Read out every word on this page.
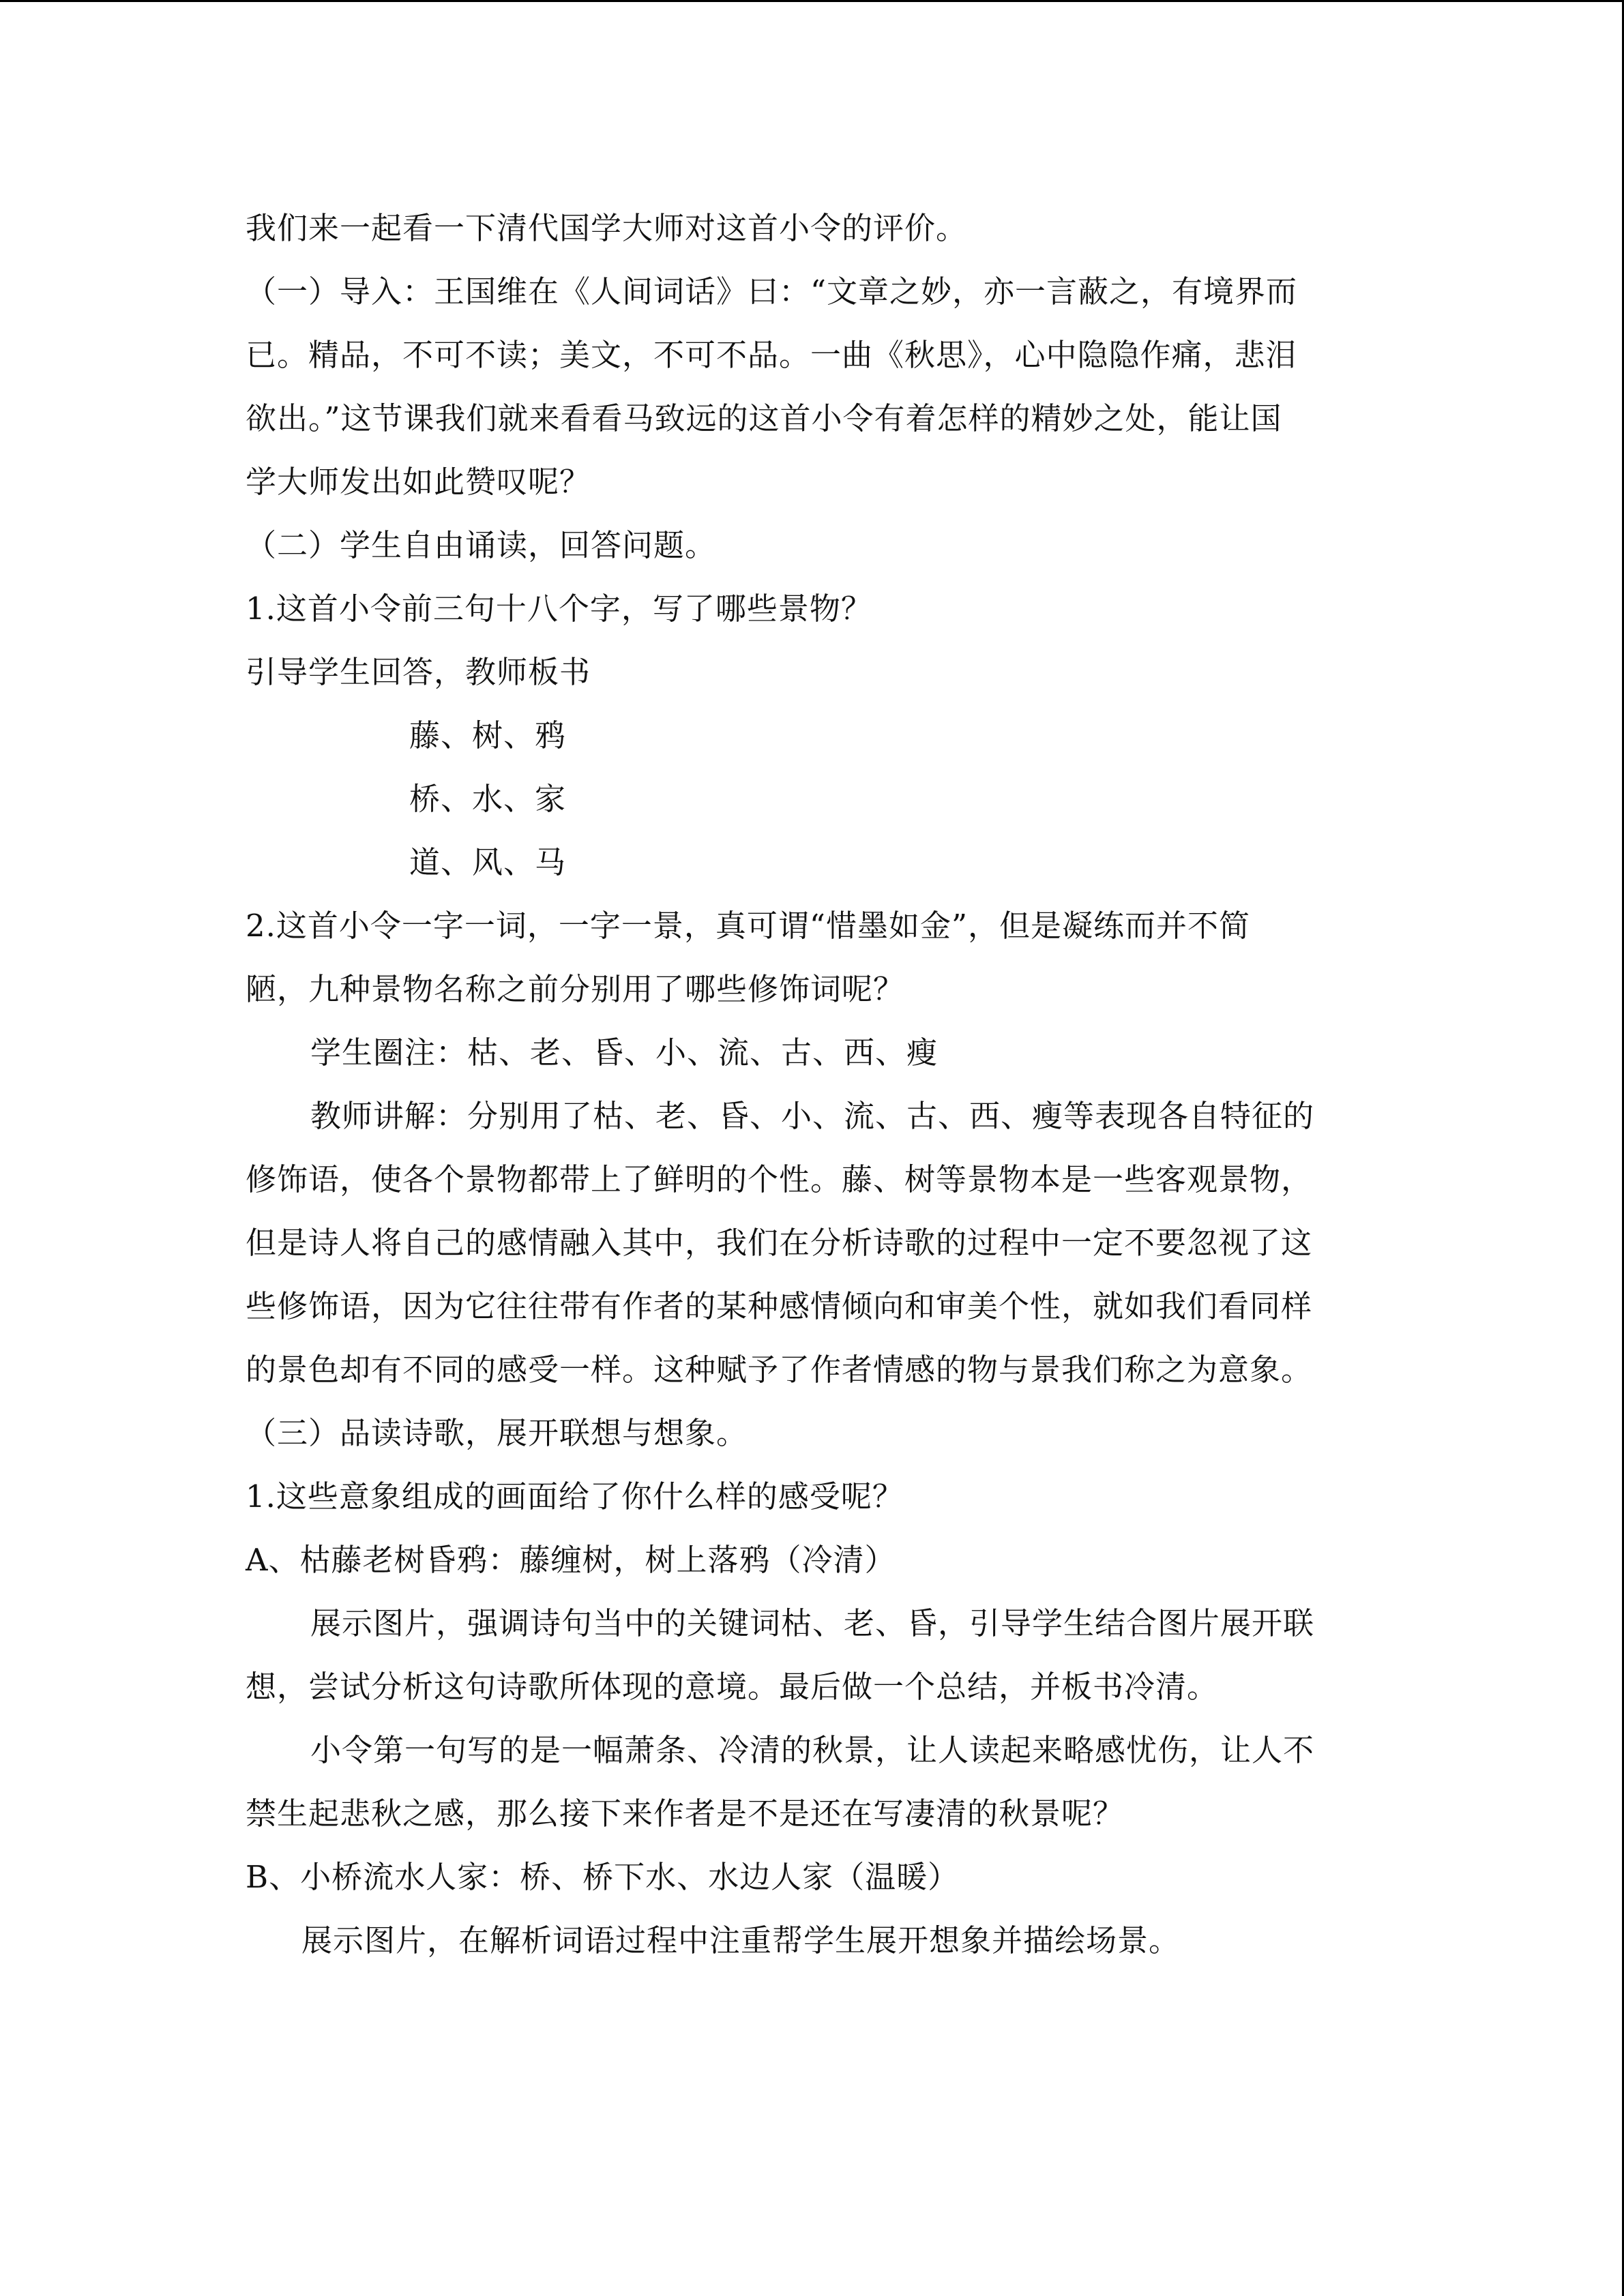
我们来一起看一下清代国学大师对这首小令的评价。
（一）导入：王国维在《人间词话》曰：“文章之妙，亦一言蔽之，有境界而
已。精品，不可不读；美文，不可不品。一曲《秋思》，心中隐隐作痛，悲泪
欲出。”这节课我们就来看看马致远的这首小令有着怎样的精妙之处，能让国
学大师发出如此赞叹呢？
（二）学生自由诵读，回答问题。
1.这首小令前三句十八个字，写了哪些景物？
引导学生回答，教师板书
藤、树、鸦
桥、水、家
道、风、马
2.这首小令一字一词，一字一景，真可谓“惜墨如金”，但是凝练而并不简
陋，九种景物名称之前分别用了哪些修饰词呢？
学生圈注：枯、老、昏、小、流、古、西、瘦
教师讲解：分别用了枯、老、昏、小、流、古、西、瘦等表现各自特征的
修饰语，使各个景物都带上了鲜明的个性。藤、树等景物本是一些客观景物，
但是诗人将自己的感情融入其中，我们在分析诗歌的过程中一定不要忽视了这
些修饰语，因为它往往带有作者的某种感情倾向和审美个性，就如我们看同样
的景色却有不同的感受一样。这种赋予了作者情感的物与景我们称之为意象。
（三）品读诗歌，展开联想与想象。
1.这些意象组成的画面给了你什么样的感受呢？
A、枯藤老树昏鸦：藤缠树，树上落鸦（冷清）
展示图片，强调诗句当中的关键词枯、老、昏，引导学生结合图片展开联
想，尝试分析这句诗歌所体现的意境。最后做一个总结，并板书冷清。
小令第一句写的是一幅萧条、冷清的秋景，让人读起来略感忧伤，让人不
禁生起悲秋之感，那么接下来作者是不是还在写凄清的秋景呢？
B、小桥流水人家：桥、桥下水、水边人家（温暖）
展示图片，在解析词语过程中注重帮学生展开想象并描绘场景。
